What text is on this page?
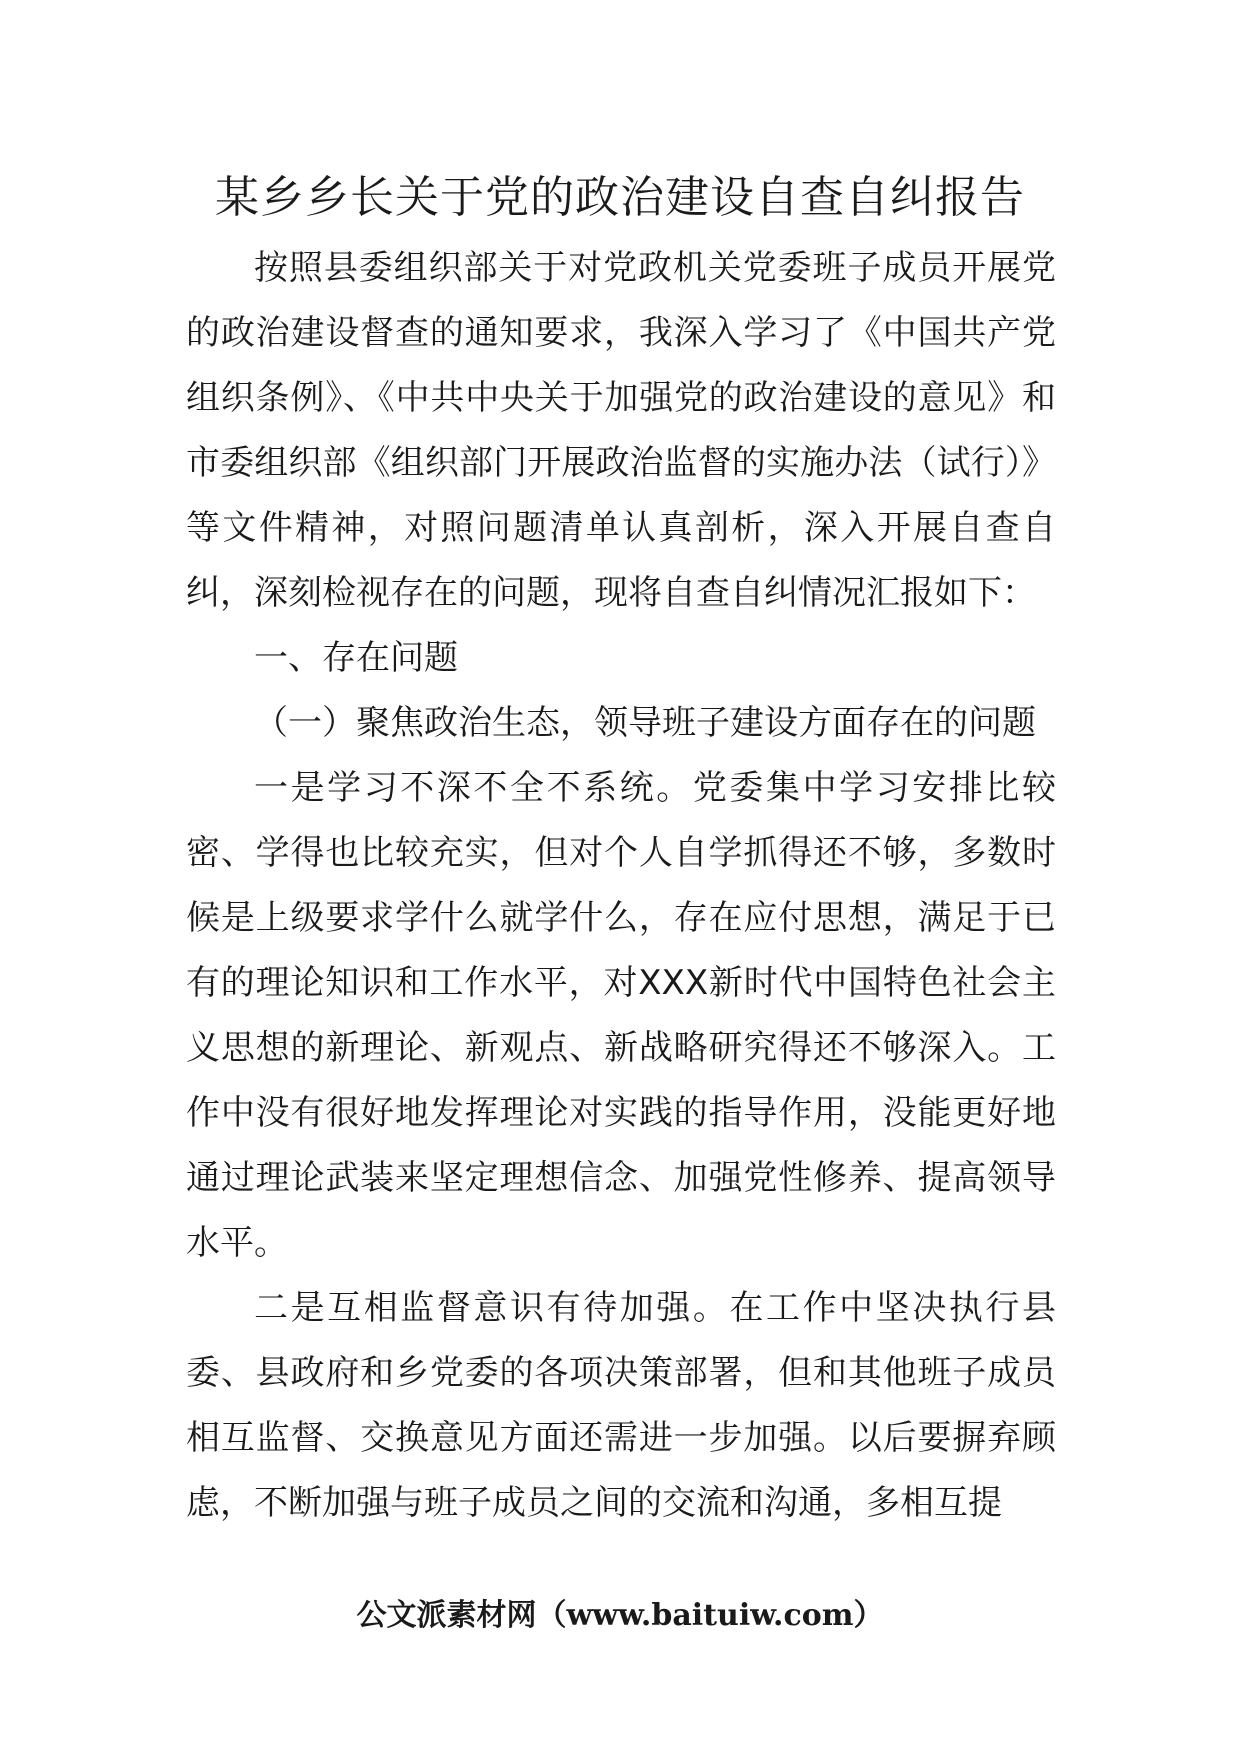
某乡乡长关于党的政治建设自查自纠报告

按照县委组织部关于对党政机关党委班子成员开展党的政治建设督查的通知要求，我深入学习了《中国共产党组织条例》、《中共中央关于加强党的政治建设的意见》和市委组织部《组织部门开展政治监督的实施办法（试行）》等文件精神，对照问题清单认真剖析，深入开展自查自纠，深刻检视存在的问题，现将自查自纠情况汇报如下：

一、存在问题

（一）聚焦政治生态，领导班子建设方面存在的问题

一是学习不深不全不系统。党委集中学习安排比较密、学得也比较充实，但对个人自学抓得还不够，多数时候是上级要求学什么就学什么，存在应付思想，满足于已有的理论知识和工作水平，对XXX新时代中国特色社会主义思想的新理论、新观点、新战略研究得还不够深入。工作中没有很好地发挥理论对实践的指导作用，没能更好地通过理论武装来坚定理想信念、加强党性修养、提高领导水平。

二是互相监督意识有待加强。在工作中坚决执行县委、县政府和乡党委的各项决策部署，但和其他班子成员相互监督、交换意见方面还需进一步加强。以后要摒弃顾虑，不断加强与班子成员之间的交流和沟通，多相互提

公文派素材网（www.baituiw.com）
